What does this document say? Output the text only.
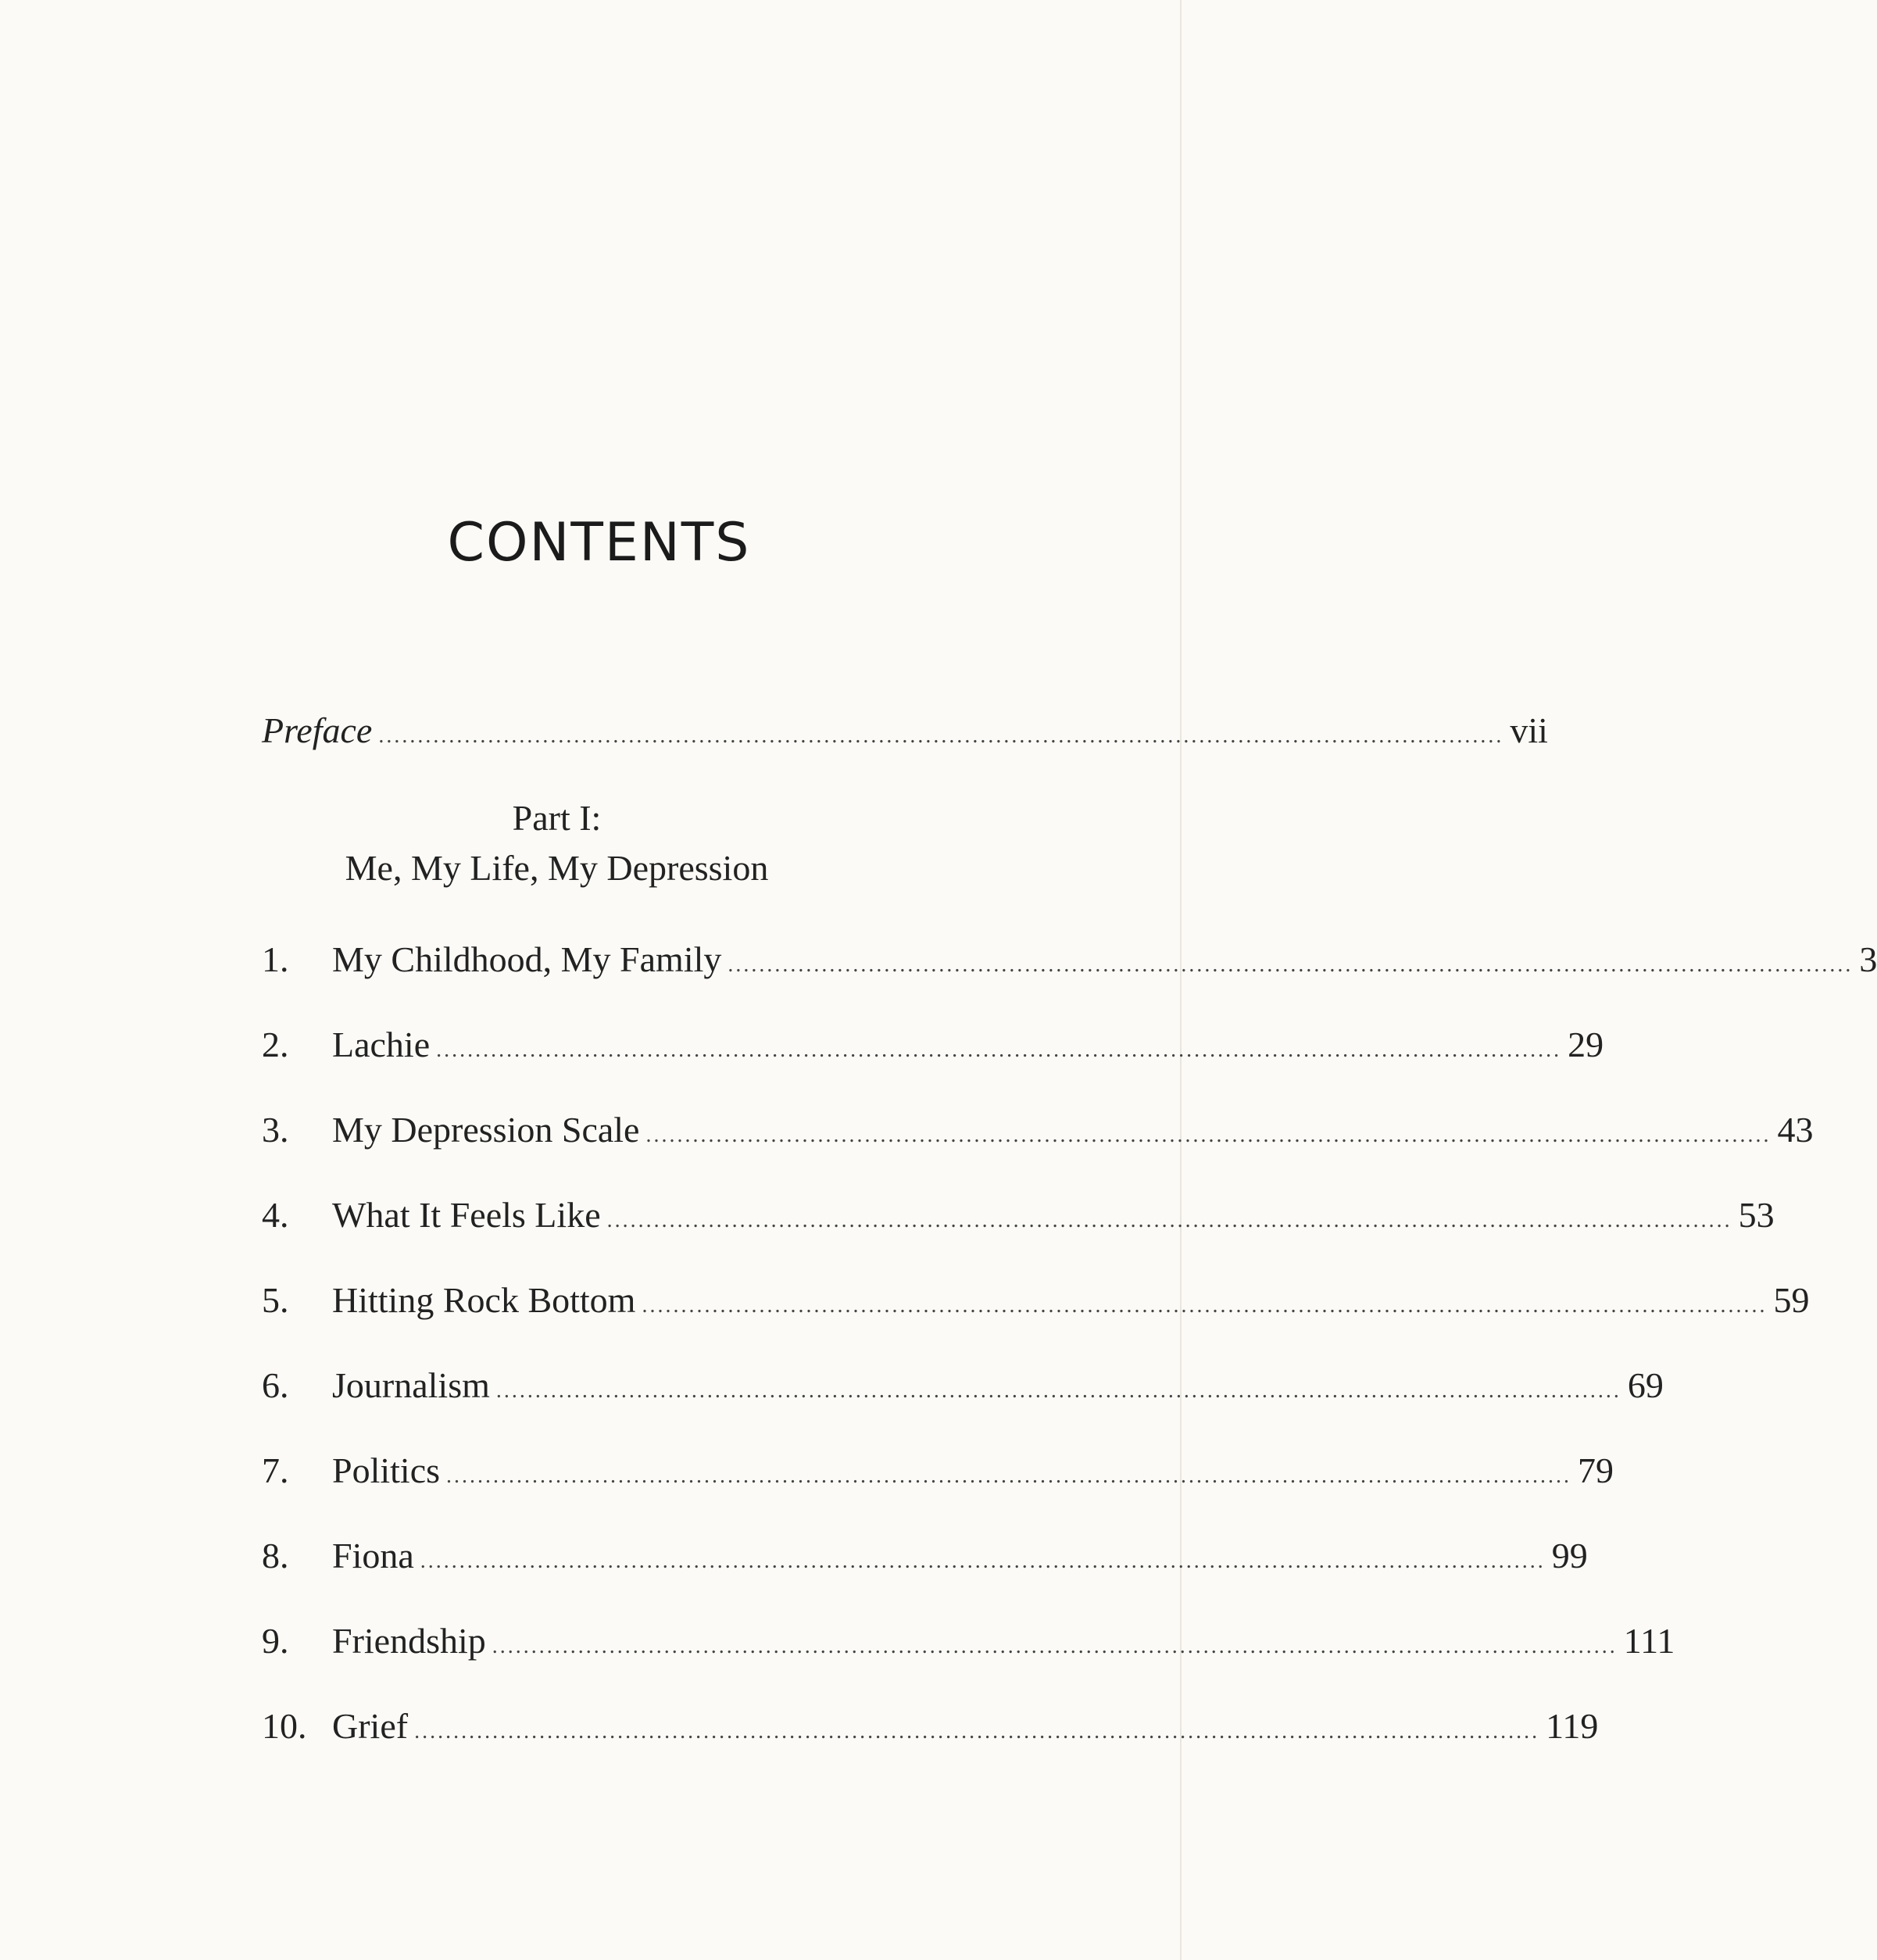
CONTENTS
Preface ................................................................................................................................................ vii
Part I:
Me, My Life, My Depression
1.	My Childhood, My Family ................................................................................................................................................ 3
2.	Lachie ................................................................................................................................................ 29
3.	My Depression Scale ................................................................................................................................................ 43
4.	What It Feels Like ................................................................................................................................................ 53
5.	Hitting Rock Bottom ................................................................................................................................................ 59
6.	Journalism ................................................................................................................................................ 69
7.	Politics ................................................................................................................................................ 79
8.	Fiona ................................................................................................................................................ 99
9.	Friendship ................................................................................................................................................ 111
10. Grief ................................................................................................................................................ 119
